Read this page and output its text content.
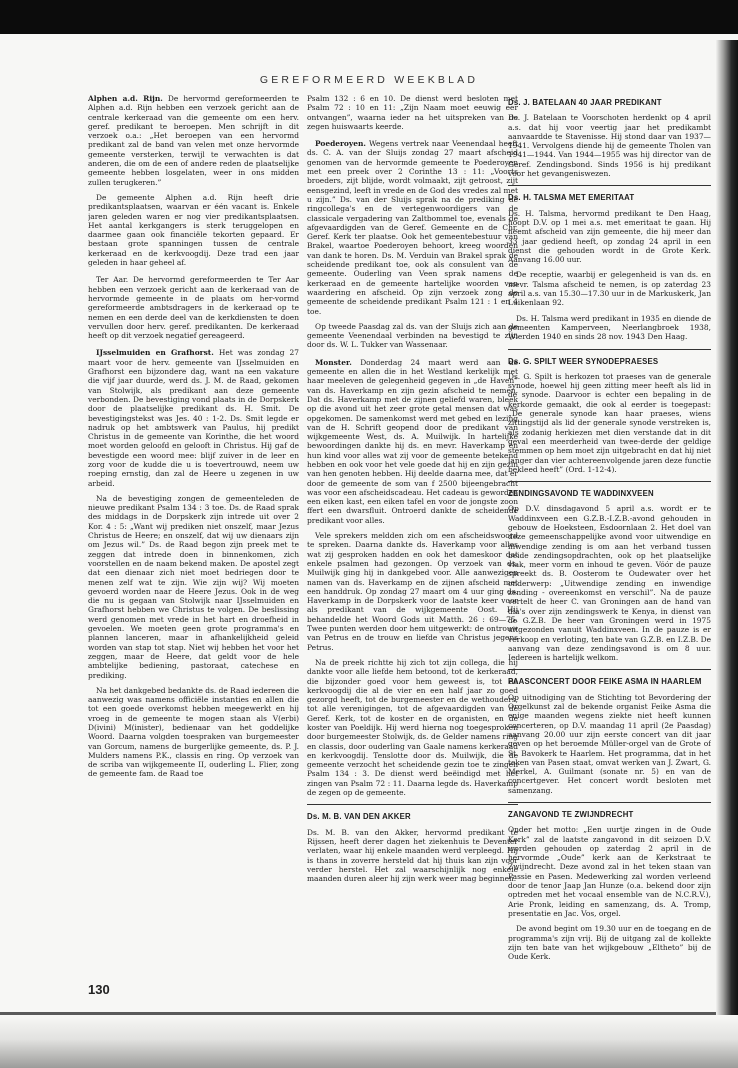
GEREFORMEERD WEEKBLAD

Alphen a.d. Rijn. De hervormd gereformeerden te Alphen a.d. Rijn hebben een verzoek gericht aan de centrale kerkeraad van die gemeente om een herv. geref. predikant te beroepen. Men schrijft in dit verzoek o.a.: „Het beroepen van een hervormd predikant zal de band van velen met onze hervormde gemeente versterken, terwijl te verwachten is dat anderen, die om de een of andere reden de plaatselijke gemeente hebben losgelaten, weer in ons midden zullen terugkeren.”

De gemeente Alphen a.d. Rijn heeft drie predikantsplaatsen, waarvan er één vacant is. Enkele jaren geleden waren er nog vier predikantsplaatsen. Het aantal kerkgangers is sterk teruggelopen en daarmee gaan ook financiële tekorten gepaard. Er bestaan grote spanningen tussen de centrale kerkeraad en de kerkvoogdij. Deze trad een jaar geleden in haar geheel af.

Ter Aar. De hervormd gereformeerden te Ter Aar hebben een verzoek gericht aan de kerkeraad van de hervormde gemeente in de plaats om her-vormd gereformeerde ambtsdragers in de kerkeraad op te nemen en een derde deel van de kerkdiensten te doen vervullen door herv. geref. predikanten. De kerkeraad heeft op dit verzoek negatief gereageerd.

IJsselmuiden en Grafhorst. Het was zondag 27 maart voor de herv. gemeente van IJsselmuiden en Grafhorst een bijzondere dag, want na een vakature die vijf jaar duurde, werd ds. J. M. de Raad, gekomen van Stolwijk, als predikant aan deze gemeente verbonden. De bevestiging vond plaats in de Dorpskerk door de plaatselijke predikant ds. H. Smit. De bevestigingstekst was Jes. 40 : 1-2. Ds. Smit legde er nadruk op het ambtswerk van Paulus, hij predikt Christus in de gemeente van Korinthe, die het woord moet worden geloofd en gelooft in Christus. Hij gaf de bevestigde een woord mee: blijf zuiver in de leer en zorg voor de kudde die u is toevertrouwd, neem uw roeping ernstig, dan zal de Heere u zegenen in uw arbeid.

Na de bevestiging zongen de gemeenteleden de nieuwe predikant Psalm 134 : 3 toe. Ds. de Raad sprak des middags in de Dorpskerk zijn intrede uit over 2 Kor. 4 : 5: „Want wij prediken niet onszelf, maar Jezus Christus de Heere; en onszelf, dat wij uw dienaars zijn om Jezus wil.” Ds. de Raad begon zijn preek met te zeggen dat intrede doen in binnenkomen, zich voorstellen en de naam bekend maken. De apostel zegt dat een dienaar zich niet moet bedriegen door te menen zelf wat te zijn. Wie zijn wij? Wij moeten gevoerd worden naar de Heere Jezus. Ook in de weg die nu is gegaan van Stolwijk naar IJsselmuiden en Grafhorst hebben we Christus te volgen. De beslissing werd genomen met vrede in het hart en droefheid in gevoelen. We moeten geen grote programma's en plannen lanceren, maar in afhankelijkheid geleid worden van stap tot stap. Niet wij hebben het voor het zeggen, maar de Heere, dat geldt voor de hele ambtelijke bediening, pastoraat, catechese en prediking.

Na het dankgebed bedankte ds. de Raad iedereen die aanwezig was namens officiële instanties en allen die tot een goede overkomst hebben meegewerkt en hij vroeg in de gemeente te mogen staan als V(erbi) D(ivini) M(inister), bedienaar van het goddelijke Woord. Daarna volgden toespraken van burgemeester van Gorcum, namens de burgerlijke gemeente, ds. P. J. Mulders namens P.K., classis en ring. Op verzoek van de scriba van wijkgemeente II, ouderling L. Flier, zong de gemeente fam. de Raad toe

Psalm 132 : 6 en 10. De dienst werd besloten met Psalm 72 : 10 en 11: „Zijn Naam moet eeuwig eer ontvangen”, waarna ieder na het uitspreken van de zegen huiswaarts keerde.

Poederoyen. Wegens vertrek naar Veenendaal heeft ds. C. A. van der Sluijs zondag 27 maart afscheid genomen van de hervormde gemeente te Poederoyen met een preek over 2 Corinthe 13 : 11: „Voorts broeders, zijt blijde, wordt volmaakt, zijt getroost, zijt eensgezind, leeft in vrede en de God des vredes zal met u zijn.” Ds. van der Sluijs sprak na de prediking de ringcollega's en de vertegenwoordigers van de classicale vergadering van Zaltbommel toe, evenals de afgevaardigden van de Geref. Gemeente en de Chr. Geref. Kerk ter plaatse. Ook het gemeentebestuur van Brakel, waartoe Poederoyen behoort, kreeg woorden van dank te horen. Ds. M. Verduin van Brakel sprak de scheidende predikant toe, ook als consulent van de gemeente. Ouderling van Veen sprak namens de kerkeraad en de gemeente hartelijke woorden van waardering en afscheid. Op zijn verzoek zong de gemeente de scheidende predikant Psalm 121 : 1 en 4 toe.

Op tweede Paasdag zal ds. van der Sluijs zich aan de gemeente Veenendaal verbinden na bevestigd te zijn door ds. W. L. Tukker van Wassenaar.

Monster. Donderdag 24 maart werd aan de gemeente en allen die in het Westland kerkelijk met haar meeleven de gelegenheid gegeven in „de Haven” van ds. Haverkamp en zijn gezin afscheid te nemen. Dat ds. Haverkamp met de zijnen geliefd waren, bleek op die avond uit het zeer grote getal mensen dat was opgekomen. De samenkomst werd met gebed en lezing van de H. Schrift geopend door de predikant van wijkgemeente West, ds. A. Muilwijk. In hartelijke bewoordingen dankte hij ds. en mevr. Haverkamp en hun kind voor alles wat zij voor de gemeente betekend hebben en ook voor het vele goede dat hij en zijn gezin van hen genoten hebben. Hij deelde daarna mee, dat er door de gemeente de som van f 2500 bijeengebracht was voor een afscheidscadeau. Het cadeau is geworden een eiken kast, een eiken tafel en voor de jongste zoon ffert een dwarsfluit. Ontroerd dankte de scheidende predikant voor alles.

Vele sprekers meldden zich om een afscheidswoord te spreken. Daarna dankte ds. Haverkamp voor alles wat zij gesproken hadden en ook het dameskoor dat enkele psalmen had gezongen. Op verzoek van ds. Muilwijk ging hij in dankgebed voor. Alle aanwezigen namen van ds. Haverkamp en de zijnen afscheid met een handdruk. Op zondag 27 maart om 4 uur ging ds. Haverkamp in de Dorpskerk voor de laatste keer voor als predikant van de wijkgemeente Oost. Hij behandelde het Woord Gods uit Matth. 26 : 69—75. Twee punten werden door hem uitgewerkt: de ontrouw van Petrus en de trouw en liefde van Christus jegens Petrus.

Na de preek richtte hij zich tot zijn collega, die hij dankte voor alle liefde hem betoond, tot de kerkeraad, die bijzonder goed voor hem geweest is, tot de kerkvoogdij die al de vier en een half jaar zo goed gezorgd heeft, tot de burgemeester en de wethouders, tot alle verenigingen, tot de afgevaardigden van de Geref. Kerk, tot de koster en de organisten, en de koster van Poeldijk. Hij werd hierna nog toegesproken door burgemeester Stolwijk, ds. de Gelder namens ring en classis, door ouderling van Gaale namens kerkeraad en kerkvoogdij. Tenslotte door ds. Muilwijk, die de gemeente verzocht het scheidende gezin toe te zingen Psalm 134 : 3. De dienst werd beëindigd met het zingen van Psalm 72 : 11. Daarna legde ds. Haverkamp de zegen op de gemeente.

Ds. M. B. VAN DEN AKKER

Ds. M. B. van den Akker, hervormd predikant te Rijssen, heeft derer dagen het ziekenhuis te Deventer verlaten, waar hij enkele maanden werd verpleegd. Hij is thans in zoverre hersteld dat hij thuis kan zijn voor verder herstel. Het zal waarschijnlijk nog enkele maanden duren aleer hij zijn werk weer mag beginnen.

Ds. J. BATELAAN 40 JAAR PREDIKANT

Ds. J. Batelaan te Voorschoten herdenkt op 4 april a.s. dat hij voor veertig jaar het predikambt aanvaardde te Stavenisse. Hij stond daar van 1937—1941. Vervolgens diende hij de gemeente Tholen van 1941—1944. Van 1944—1955 was hij director van de Geref. Zendingsbond. Sinds 1956 is hij predikant voor het gevangeniswezen.

Ds. H. TALSMA MET EMERITAAT

Ds. H. Talsma, hervormd predikant te Den Haag, hoopt D.V. op 1 mei a.s. met emeritaat te gaan. Hij neemt afscheid van zijn gemeente, die hij meer dan 33 jaar gediend heeft, op zondag 24 april in een dienst die gehouden wordt in de Grote Kerk. Aanvang 16.00 uur.

De receptie, waarbij er gelegenheid is van ds. en mevr. Talsma afscheid te nemen, is op zaterdag 23 april a.s. van 15.30—17.30 uur in de Markuskerk, Jan Luikenlaan 92.

Ds. H. Talsma werd predikant in 1935 en diende de gemeenten Kamperveen, Neerlangbroek 1938, Wierden 1940 en sinds 28 nov. 1943 Den Haag.

Ds. G. SPILT WEER SYNODEPRAESES

Ds. G. Spilt is herkozen tot praeses van de generale synode, hoewel hij geen zitting meer heeft als lid in de synode. Daarvoor is echter een bepaling in de kerkorde gemaakt, die ook al eerder is toegepast: „De generale synode kan haar praeses, wiens zittingstijd als lid der generale synode verstreken is, als zodanig herkiezen met dien verstande dat in dit geval een meerderheid van twee-derde der geldige stemmen op hem moet zijn uitgebracht en dat hij niet langer dan vier achtereenvolgende jaren deze functie bekleed heeft” (Ord. 1-12-4).

ZENDINGSAVOND TE WADDINXVEEN

Op D.V. dinsdagavond 5 april a.s. wordt er te Waddinxveen een G.Z.B.-I.Z.B.-avond gehouden in gebouw de Hoeksteen, Esdoornlaan 2. Het doel van deze gemeenschappelijke avond voor uitwendige en inwendige zending is om aan het verband tussen beide zendingsopdrachten, ook op het plaatselijke vlak, meer vorm en inhoud te geven. Vóór de pauze spreekt ds. B. Oosterom te Oudewater over het onderwerp: „Uitwendige zending en inwendige zending - overeenkomst en verschil”. Na de pauze vertelt de heer C. van Groningen aan de hand van dia's over zijn zendingswerk te Kenya, in dienst van de G.Z.B. De heer van Groningen werd in 1975 uitgezonden vanuit Waddinxveen. In de pauze is er verkoop en verloting, ten bate van G.Z.B. en I.Z.B. De aanvang van deze zendingsavond is om 8 uur. Iedereen is hartelijk welkom.

PAASCONCERT DOOR FEIKE ASMA IN HAARLEM

Op uitnodiging van de Stichting tot Bevordering der Orgelkunst zal de bekende organist Feike Asma die enige maanden wegens ziekte niet heeft kunnen concerteren, op D.V. maandag 11 april (2e Paasdag) aanvang 20.00 uur zijn eerste concert van dit jaar geven op het beroemde Müller-orgel van de Grote of St. Bavokerk te Haarlem. Het programma, dat in het teken van Pasen staat, omvat werken van J. Zwart, G. Merkel, A. Guilmant (sonate nr. 5) en van de concertgever. Het concert wordt besloten met samenzang.

ZANGAVOND TE ZWIJNDRECHT

Onder het motto: „Een uurtje zingen in de Oude Kerk” zal de laatste zangavond in dit seizoen D.V. worden gehouden op zaterdag 2 april in de hervormde „Oude” kerk aan de Kerkstraat te Zwijndrecht. Deze avond zal in het teken staan van Passie en Pasen. Medewerking zal worden verleend door de tenor Jaap Jan Hunze (o.a. bekend door zijn optreden met het vocaal ensemble van de N.C.R.V.), Arie Pronk, leiding en samenzang, ds. A. Tromp, presentatie en Jac. Vos, orgel.

De avond begint om 19.30 uur en de toegang en de programma's zijn vrij. Bij de uitgang zal de kollekte zijn ten bate van het wijkgebouw „Eltheto” bij de Oude Kerk.

130
